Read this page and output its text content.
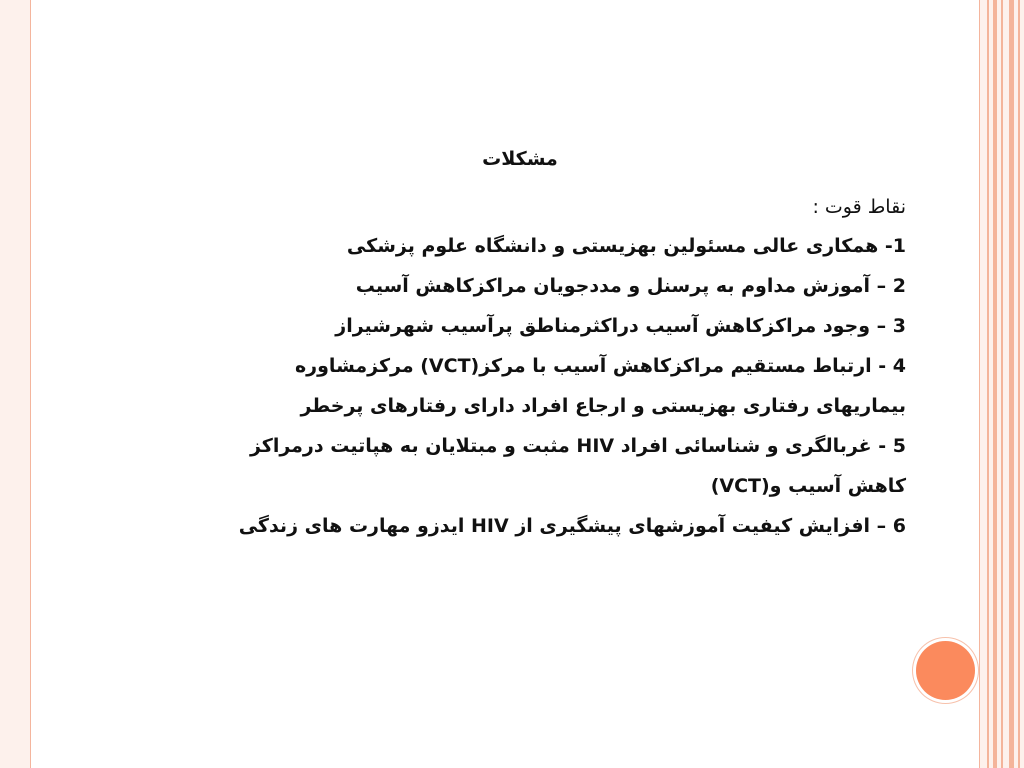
مشکلات
نقاط قوت :
1- همکاری عالی مسئولین بهزیستی و دانشگاه علوم پزشکی
2 – آموزش مداوم به پرسنل و مددجویان مراکزکاهش آسیب
3 – وجود مراکزکاهش آسیب دراکثرمناطق پرآسیب شهرشیراز
4 - ارتباط مستقیم مراکزکاهش آسیب با مرکز(VCT) مرکزمشاوره
بیماریهای رفتاری بهزیستی و ارجاع افراد دارای رفتارهای پرخطر
5 - غربالگری و شناسائی افراد HIV مثبت و مبتلایان به هپاتیت درمراکز
کاهش آسیب و(VCT)
6 – افزایش کیفیت آموزشهای پیشگیری از HIV ایدزو مهارت های زندگی
